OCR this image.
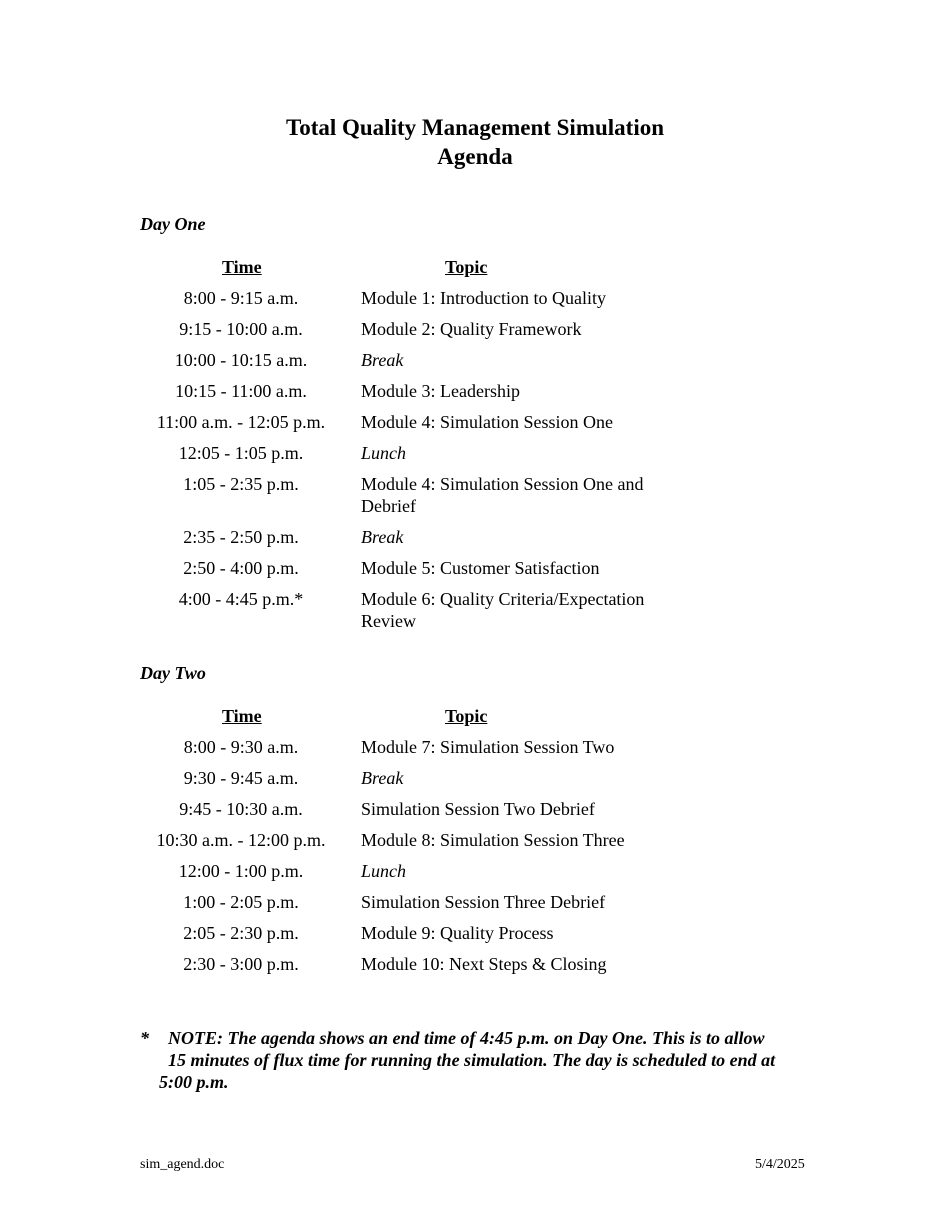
Total Quality Management Simulation
Agenda
Day One
Time	Topic
8:00 - 9:15 a.m.	Module 1: Introduction to Quality
9:15 - 10:00 a.m.	Module 2: Quality Framework
10:00 - 10:15 a.m.	Break
10:15 - 11:00 a.m.	Module 3: Leadership
11:00 a.m. - 12:05 p.m.	Module 4: Simulation Session One
12:05 - 1:05 p.m.	Lunch
1:05 - 2:35 p.m.	Module 4: Simulation Session One and Debrief
2:35 - 2:50 p.m.	Break
2:50 - 4:00 p.m.	Module 5: Customer Satisfaction
4:00 - 4:45 p.m.*	Module 6: Quality Criteria/Expectation Review
Day Two
Time	Topic
8:00 - 9:30 a.m.	Module 7: Simulation Session Two
9:30 - 9:45 a.m.	Break
9:45 - 10:30 a.m.	Simulation Session Two Debrief
10:30 a.m. - 12:00 p.m.	Module 8: Simulation Session Three
12:00 - 1:00 p.m.	Lunch
1:00 - 2:05 p.m.	Simulation Session Three Debrief
2:05 - 2:30 p.m.	Module 9: Quality Process
2:30 - 3:00 p.m.	Module 10: Next Steps & Closing
*	NOTE: The agenda shows an end time of 4:45 p.m. on Day One. This is to allow
15 minutes of flux time for running the simulation. The day is scheduled to end at
5:00 p.m.
sim_agend.doc	5/4/2025
